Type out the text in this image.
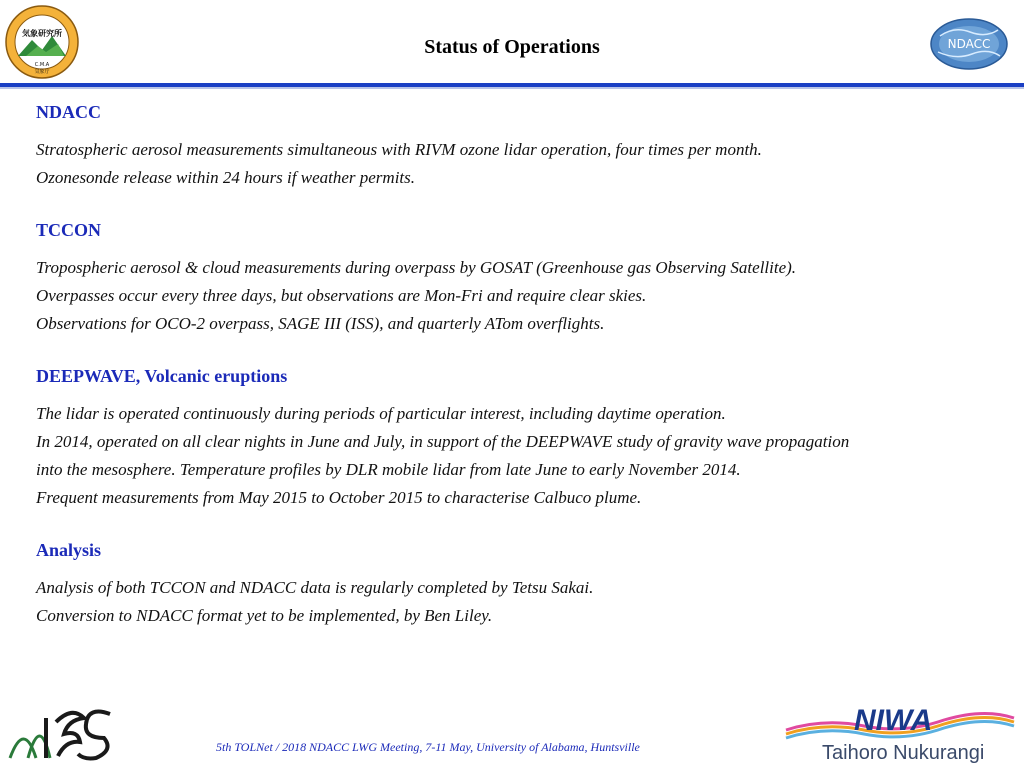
気象研究所
C.M.A
気象庁
Status of Operations	NDACC
NDACC
Stratospheric aerosol measurements simultaneous with RIVM ozone lidar operation, four times per month.
Ozonesonde release within 24 hours if weather permits.
TCCON
Tropospheric aerosol & cloud measurements during overpass by GOSAT (Greenhouse gas Observing Satellite).
Overpasses occur every three days, but observations are Mon-Fri and require clear skies.
Observations for OCO-2 overpass, SAGE III (ISS), and quarterly ATom overflights.
DEEPWAVE, Volcanic eruptions
The lidar is operated continuously during periods of particular interest, including daytime operation.
In 2014, operated on all clear nights in June and July, in support of the DEEPWAVE study of gravity wave propagation
into the mesosphere. Temperature profiles by DLR mobile lidar from late June to early November 2014.
Frequent measurements from May 2015 to October 2015 to characterise Calbuco plume.
Analysis
Analysis of both TCCON and NDACC data is regularly completed by Tetsu Sakai.
Conversion to NDACC format yet to be implemented, by Ben Liley.
5th TOLNet / 2018 NDACC LWG Meeting, 7-11 May, University of Alabama, Huntsville
NIWA
Taihoro Nukurangi
